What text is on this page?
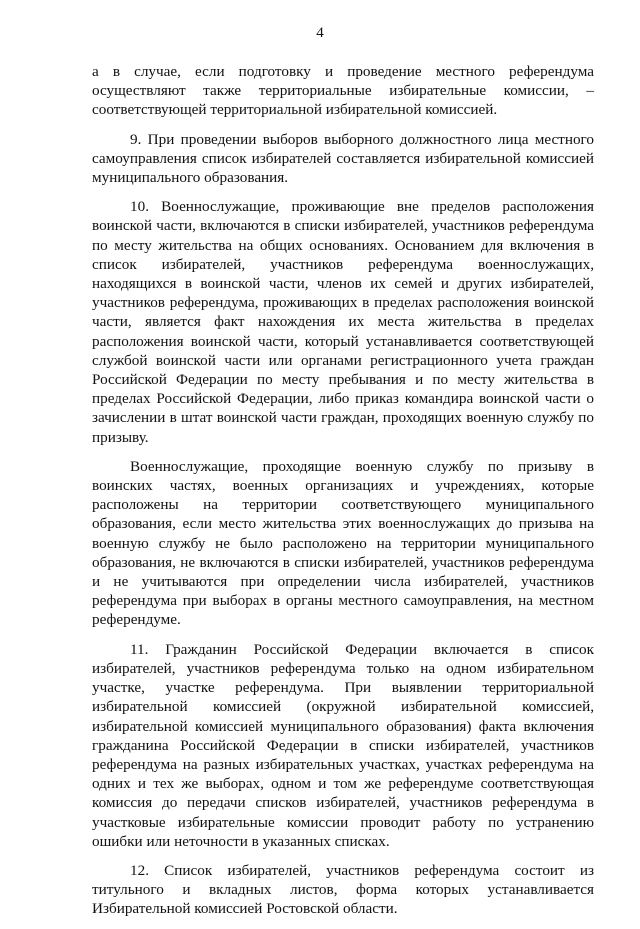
4

а в случае, если подготовку и проведение местного референдума осуществляют также территориальные избирательные комиссии, – соответствующей территориальной избирательной комиссией.

9. При проведении выборов выборного должностного лица местного самоуправления список избирателей составляется избирательной комиссией муниципального образования.

10. Военнослужащие, проживающие вне пределов расположения воинской части, включаются в списки избирателей, участников референдума по месту жительства на общих основаниях. Основанием для включения в список избирателей, участников референдума военнослужащих, находящихся в воинской части, членов их семей и других избирателей, участников референдума, проживающих в пределах расположения воинской части, является факт нахождения их места жительства в пределах расположения воинской части, который устанавливается соответствующей службой воинской части или органами регистрационного учета граждан Российской Федерации по месту пребывания и по месту жительства в пределах Российской Федерации, либо приказ командира воинской части о зачислении в штат воинской части граждан, проходящих военную службу по призыву.

Военнослужащие, проходящие военную службу по призыву в воинских частях, военных организациях и учреждениях, которые расположены на территории соответствующего муниципального образования, если место жительства этих военнослужащих до призыва на военную службу не было расположено на территории муниципального образования, не включаются в списки избирателей, участников референдума и не учитываются при определении числа избирателей, участников референдума при выборах в органы местного самоуправления, на местном референдуме.

11. Гражданин Российской Федерации включается в список избирателей, участников референдума только на одном избирательном участке, участке референдума. При выявлении территориальной избирательной комиссией (окружной избирательной комиссией, избирательной комиссией муниципального образования) факта включения гражданина Российской Федерации в списки избирателей, участников референдума на разных избирательных участках, участках референдума на одних и тех же выборах, одном и том же референдуме соответствующая комиссия до передачи списков избирателей, участников референдума в участковые избирательные комиссии проводит работу по устранению ошибки или неточности в указанных списках.

12. Список избирателей, участников референдума состоит из титульного и вкладных листов, форма которых устанавливается Избирательной комиссией Ростовской области.
